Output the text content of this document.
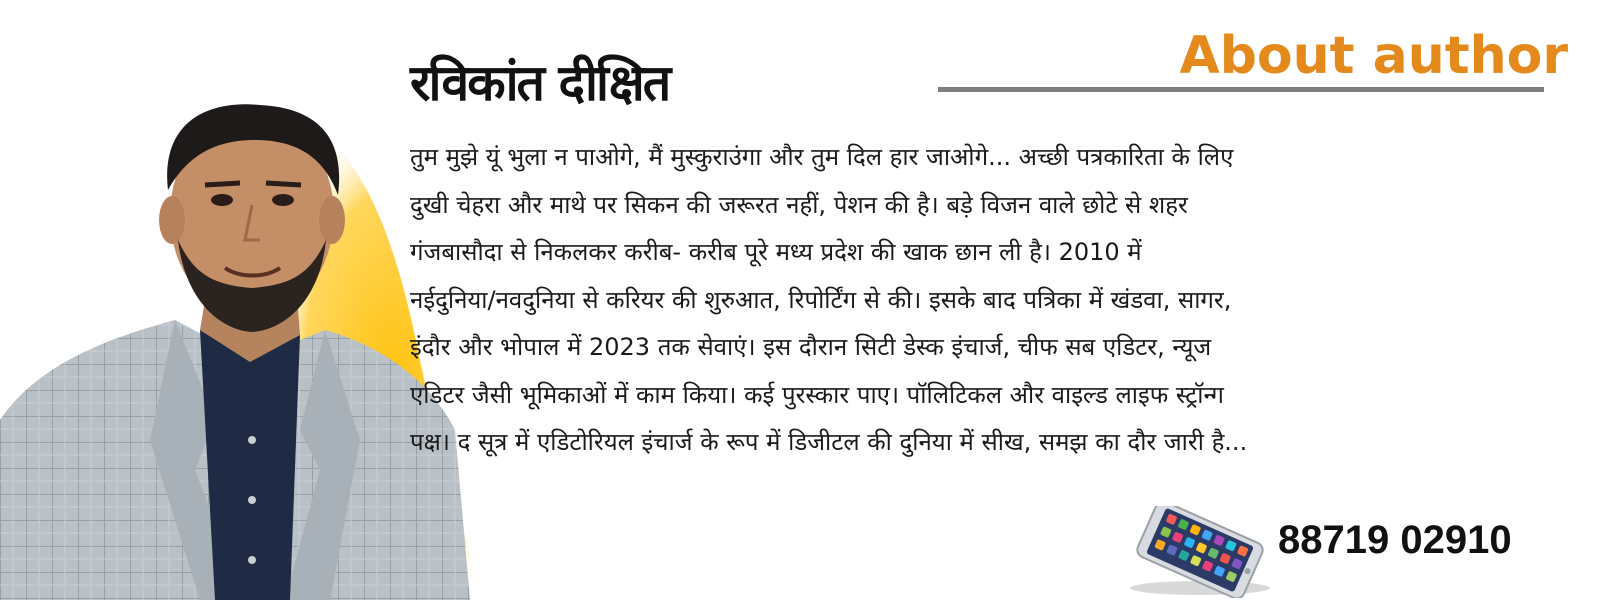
रविकांत दीक्षित	About author

तुम मुझे यूं भुला न पाओगे, मैं मुस्कुराउंगा और तुम दिल हार जाओगे... अच्छी पत्रकारिता के लिए
दुखी चेहरा और माथे पर सिकन की जरूरत नहीं, पेशन की है। बड़े विजन वाले छोटे से शहर
गंजबासौदा से निकलकर करीब- करीब पूरे मध्य प्रदेश की खाक छान ली है। 2010 में
नईदुनिया/नवदुनिया से करियर की शुरुआत, रिपोर्टिंग से की। इसके बाद पत्रिका में खंडवा, सागर,
इंदौर और भोपाल में 2023 तक सेवाएं। इस दौरान सिटी डेस्क इंचार्ज, चीफ सब एडिटर, न्यूज
एडिटर जैसी भूमिकाओं में काम किया। कई पुरस्कार पाए। पॉलिटिकल और वाइल्ड लाइफ स्ट्रॉन्ग
पक्ष। द सूत्र में एडिटोरियल इंचार्ज के रूप में डिजीटल की दुनिया में सीख, समझ का दौर जारी है...

88719 02910
